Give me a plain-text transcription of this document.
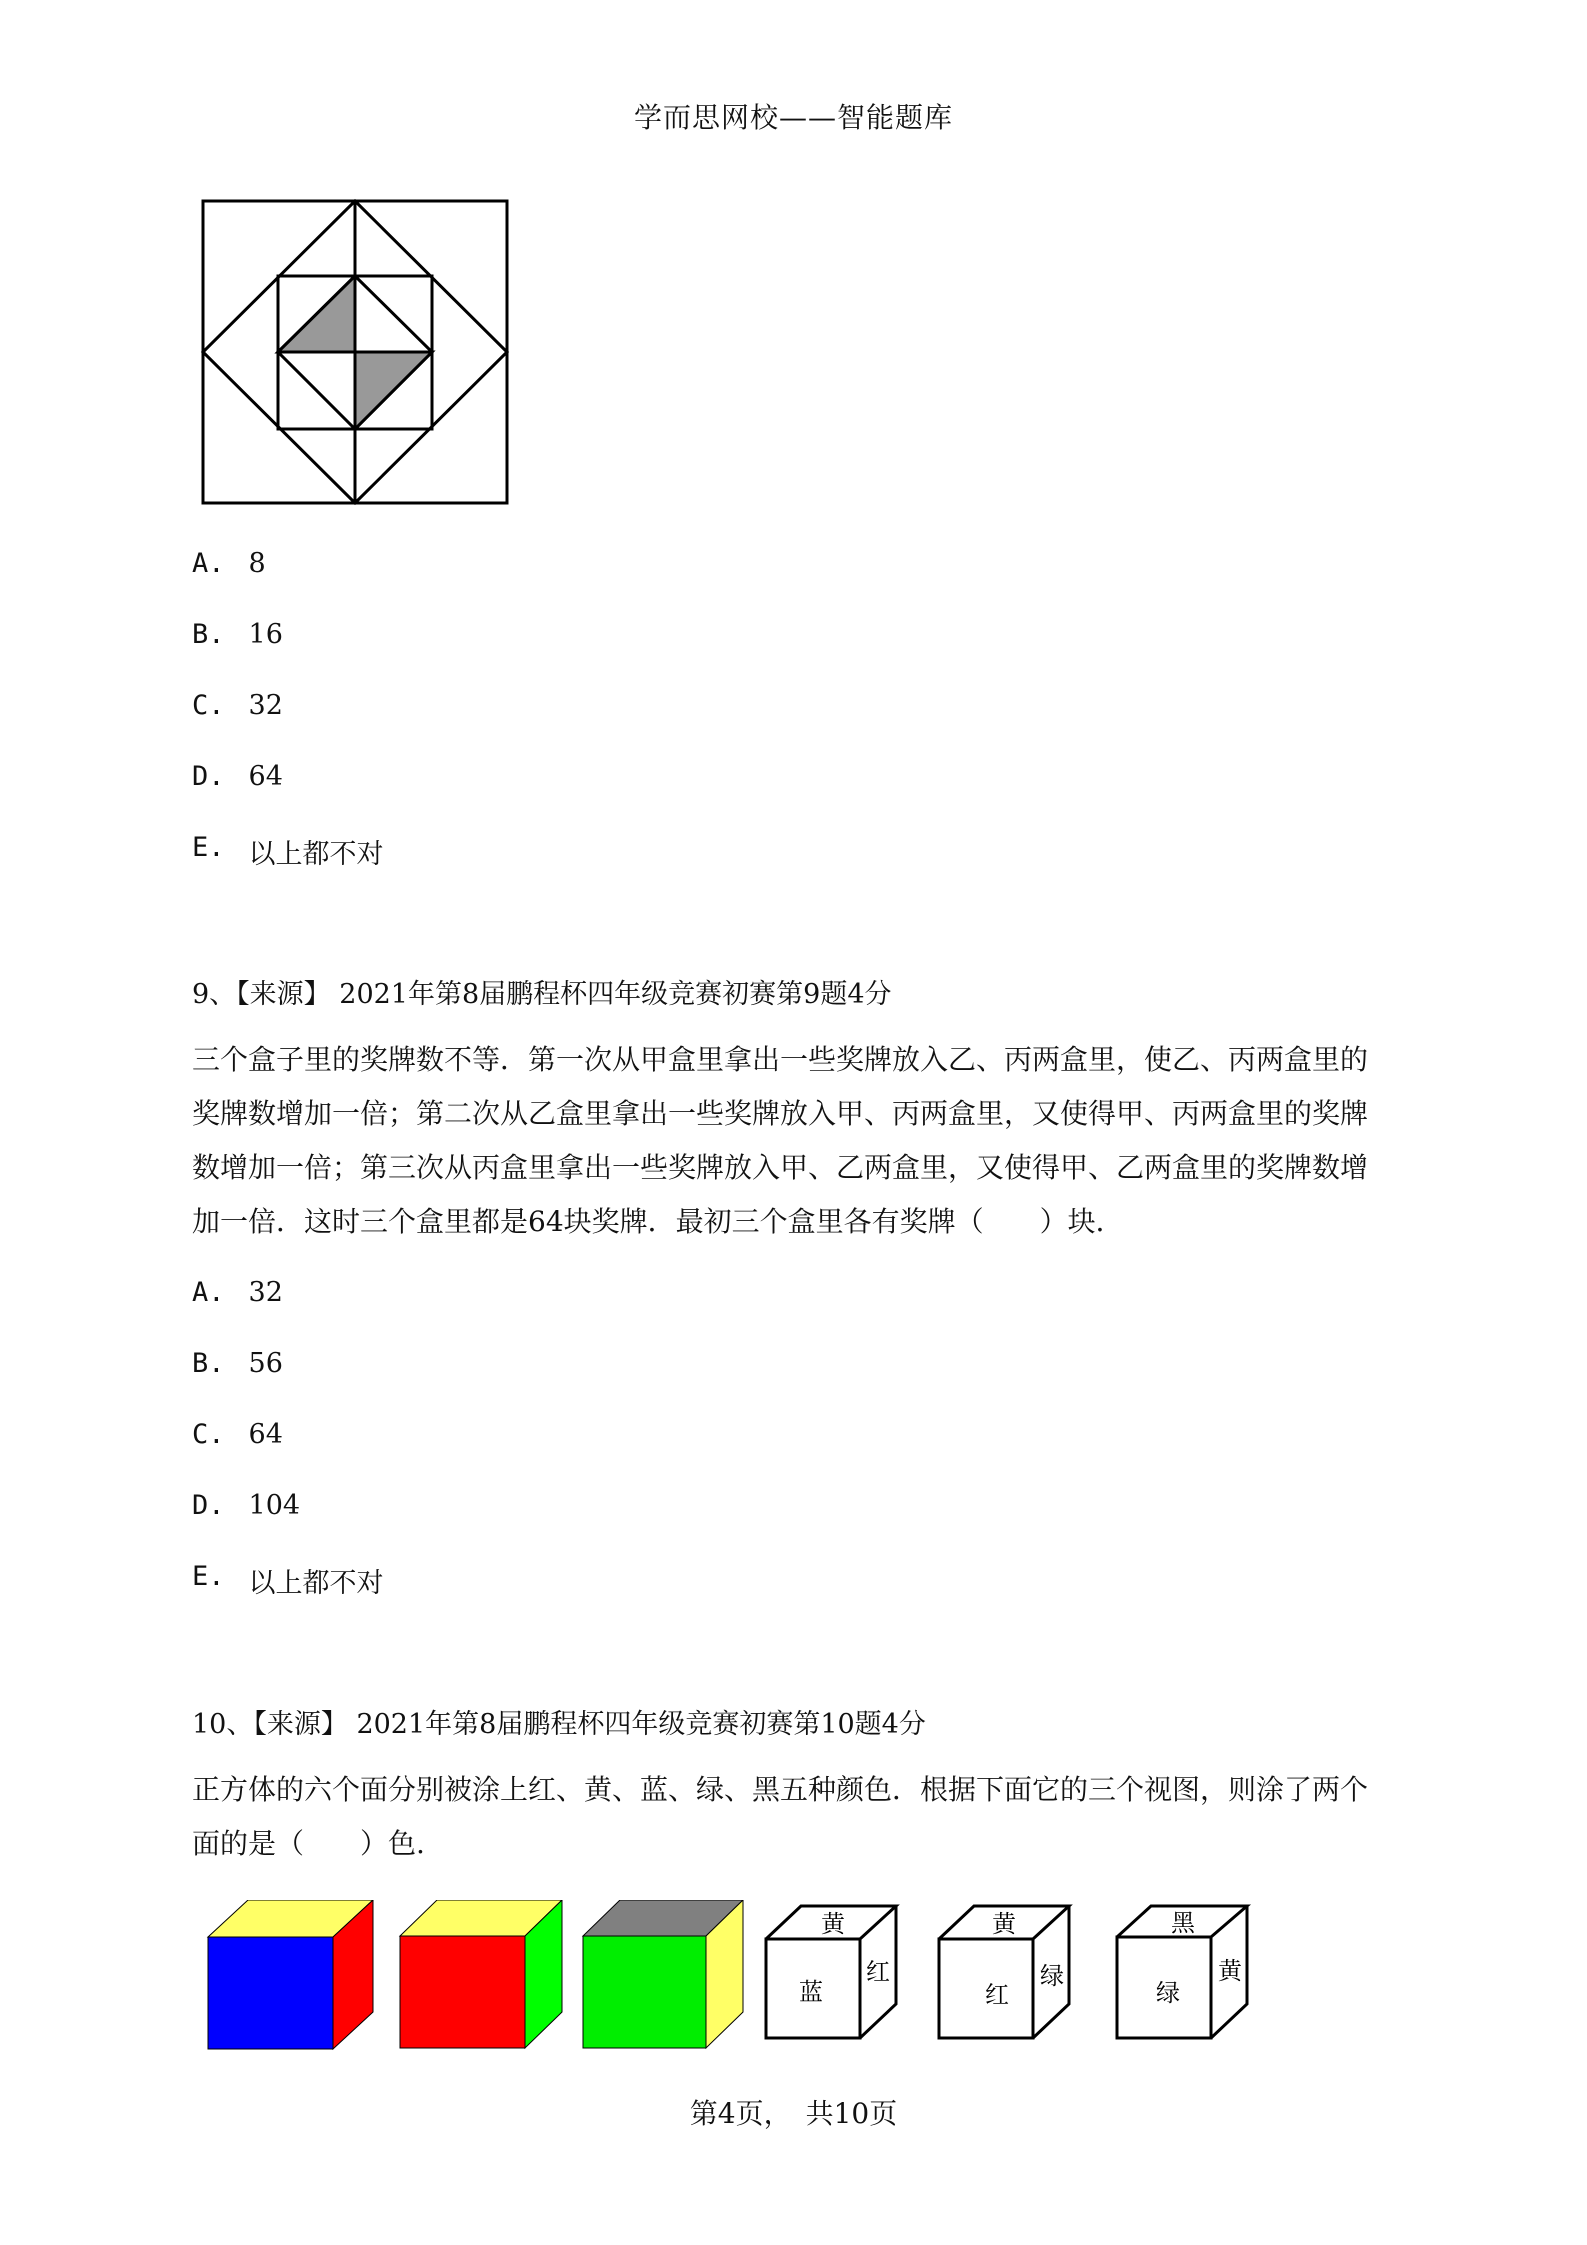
学而思网校——智能题库
A. 8
B. 16
C. 32
D. 64
E. 以上都不对
9、【来源】 2021年第8届鹏程杯四年级竞赛初赛第9题4分
三个盒子里的奖牌数不等．第一次从甲盒里拿出一些奖牌放入乙、丙两盒里，使乙、丙两盒里的
奖牌数增加一倍；第二次从乙盒里拿出一些奖牌放入甲、丙两盒里，又使得甲、丙两盒里的奖牌
数增加一倍；第三次从丙盒里拿出一些奖牌放入甲、乙两盒里，又使得甲、乙两盒里的奖牌数增
加一倍．这时三个盒里都是64块奖牌．最初三个盒里各有奖牌（　　）块．
A. 32
B. 56
C. 64
D. 104
E. 以上都不对
10、【来源】 2021年第8届鹏程杯四年级竞赛初赛第10题4分
正方体的六个面分别被涂上红、黄、蓝、绿、黑五种颜色．根据下面它的三个视图，则涂了两个
面的是（　　）色.
黄
蓝
红
黄
红
绿
黑
绿
黄
第4页，　共10页
